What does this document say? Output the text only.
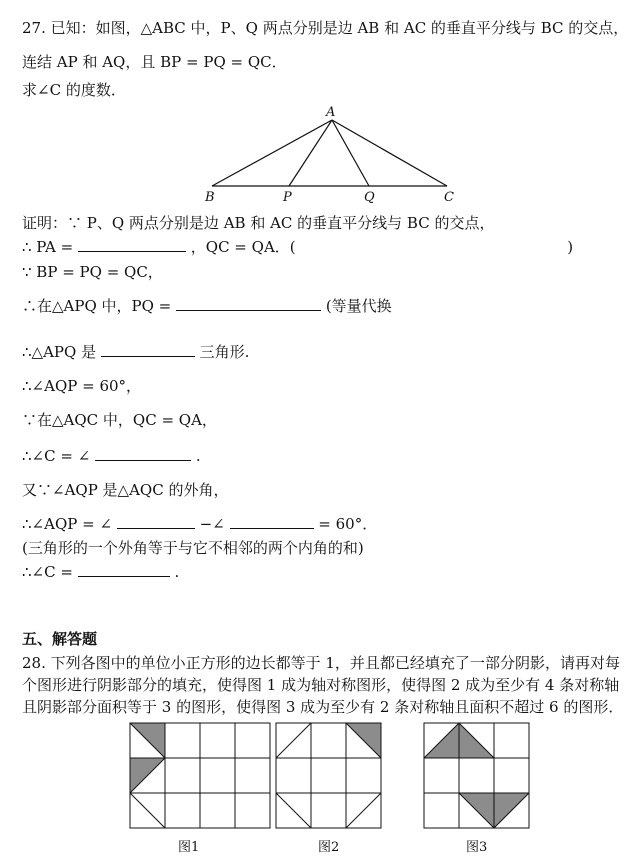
27. 已知：如图，△ABC 中，P、Q 两点分别是边 AB 和 AC 的垂直平分线与 BC 的交点，
连结 AP 和 AQ，且 BP = PQ = QC．
求∠C 的度数．
A
B	P	Q	C
证明：∵ P、Q 两点分别是边 AB 和 AC 的垂直平分线与 BC 的交点，
∴ PA =	，QC = QA．(	)
∵ BP = PQ = QC，
∴在△APQ 中，PQ =	(等量代换
∴△APQ 是	三角形.
∴∠AQP = 60°，
∵在△AQC 中，QC = QA，
∴∠C = ∠	.
又∵∠AQP 是△AQC 的外角，
∴∠AQP = ∠	−∠	= 60°．
(三角形的一个外角等于与它不相邻的两个内角的和)
∴∠C =	.
五、解答题
28. 下列各图中的单位小正方形的边长都等于 1，并且都已经填充了一部分阴影，请再对每
个图形进行阴影部分的填充，使得图 1 成为轴对称图形，使得图 2 成为至少有 4 条对称轴
且阴影部分面积等于 3 的图形，使得图 3 成为至少有 2 条对称轴且面积不超过 6 的图形．
图1	图2	图3
